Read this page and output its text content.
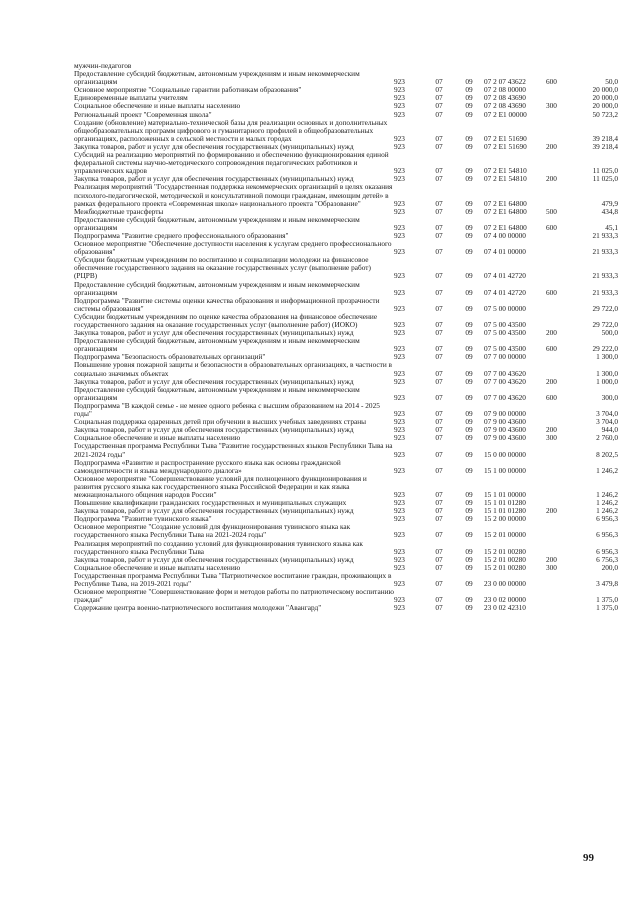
мужчин-педагогов						
Предоставление субсидий бюджетным, автономным учреждениям и иным некоммерческим организациям	923	07	09	07 2 07 43622	600	50,0
Основное мероприятие "Социальные гарантии работникам образования"	923	07	09	07 2 08 00000		20 000,0
Единовременные выплаты учителям	923	07	09	07 2 08 43690		20 000,0
Социальное обеспечение и иные выплаты населению	923	07	09	07 2 08 43690	300	20 000,0
Региональный проект "Современная школа"	923	07	09	07 2 E1 00000		50 723,2
Создание (обновление) материально-технической базы для реализации основных и дополнительных общеобразовательных программ цифрового и гуманитарного профилей в общеобразовательных организациях, расположенных в сельской местности и малых городах	923	07	09	07 2 E1 51690		39 218,4
Закупка товаров, работ и услуг для обеспечения государственных (муниципальных) нужд	923	07	09	07 2 E1 51690	200	39 218,4
Субсидий на реализацию мероприятий по формированию и обеспечению функционирования единой федеральной системы научно-методического сопровождения педагогических работников и управленческих кадров	923	07	09	07 2 E1 54810		11 025,0
Закупка товаров, работ и услуг для обеспечения государственных (муниципальных) нужд	923	07	09	07 2 E1 54810	200	11 025,0
Реализация мероприятий "Государственная поддержка некоммерческих организаций в целях оказания психолого-педагогической, методической и консультативной помощи гражданам, имеющим детей» в рамках федерального проекта «Современная школа» национального проекта "Образование"	923	07	09	07 2 E1 64800		479,9
Межбюджетные трансферты	923	07	09	07 2 E1 64800	500	434,8
Предоставление субсидий бюджетным, автономным учреждениям и иным некоммерческим организациям	923	07	09	07 2 E1 64800	600	45,1
Подпрограмма "Развитие среднего профессионального образования"	923	07	09	07 4 00 00000		21 933,3
Основное мероприятие "Обеспечение доступности населения к услугам среднего профессионального образования"	923	07	09	07 4 01 00000		21 933,3
Субсидии бюджетным учреждениям по воспитанию и социализации молодежи на финансовое обеспечение государственного задания на оказание государственных услуг (выполнение работ) (РЦРВ)	923	07	09	07 4 01 42720		21 933,3
Предоставление субсидий бюджетным, автономным учреждениям и иным некоммерческим организациям	923	07	09	07 4 01 42720	600	21 933,3
Подпрограмма "Развитие системы оценки качества образования и информационной прозрачности системы образования"	923	07	09	07 5 00 00000		29 722,0
Субсидии бюджетным учреждениям по оценке качества образования на финансовое обеспечение государственного задания на оказание государственных услуг (выполнение работ) (ИОКО)	923	07	09	07 5 00 43500		29 722,0
Закупка товаров, работ и услуг для обеспечения государственных (муниципальных) нужд	923	07	09	07 5 00 43500	200	500,0
Предоставление субсидий бюджетным, автономным учреждениям и иным некоммерческим организациям	923	07	09	07 5 00 43500	600	29 222,0
Подпрограмма "Безопасность образовательных организаций"	923	07	09	07 7 00 00000		1 300,0
Повышение уровня пожарной защиты и безопасности в образовательных организациях, в частности в социально значимых объектах	923	07	09	07 7 00 43620		1 300,0
Закупка товаров, работ и услуг для обеспечения государственных (муниципальных) нужд	923	07	09	07 7 00 43620	200	1 000,0
Предоставление субсидий бюджетным, автономным учреждениям и иным некоммерческим организациям	923	07	09	07 7 00 43620	600	300,0
Подпрограмма "В каждой семье - не менее одного ребенка с высшим образованием на 2014 - 2025 годы"	923	07	09	07 9 00 00000		3 704,0
Социальная поддержка одаренных детей при обучении в высших учебных заведениях страны	923	07	09	07 9 00 43600		3 704,0
Закупка товаров, работ и услуг для обеспечения государственных (муниципальных) нужд	923	07	09	07 9 00 43600	200	944,0
Социальное обеспечение и иные выплаты населению	923	07	09	07 9 00 43600	300	2 760,0
Государственная программа Республики Тыва "Развитие государственных языков Республики Тыва на 2021-2024 годы"	923	07	09	15 0 00 00000		8 202,5
Подпрограмма «Развитие и распространение русского языка как основы гражданской самоидентичности и языка международного диалога»	923	07	09	15 1 00 00000		1 246,2
Основное мероприятие "Совершенствование условий для полноценного функционирования и развития русского языка как государственного языка Российской Федерации и как языка межнационального общения народов России"	923	07	09	15 1 01 00000		1 246,2
Повышение квалификации гражданских государственных и муниципальных служащих	923	07	09	15 1 01 01280		1 246,2
Закупка товаров, работ и услуг для обеспечения государственных (муниципальных) нужд	923	07	09	15 1 01 01280	200	1 246,2
Подпрограмма "Развитие тувинского языка"	923	07	09	15 2 00 00000		6 956,3
Основное мероприятие "Создание условий для функционирования тувинского языка как государственного языка Республики Тыва на 2021-2024 годы"	923	07	09	15 2 01 00000		6 956,3
Реализация мероприятий по созданию условий для функционирования тувинского языка как государственного языка Республики Тыва	923	07	09	15 2 01 00280		6 956,3
Закупка товаров, работ и услуг для обеспечения государственных (муниципальных) нужд	923	07	09	15 2 01 00280	200	6 756,3
Социальное обеспечение и иные выплаты населению	923	07	09	15 2 01 00280	300	200,0
Государственная программа Республики Тыва "Патриотическое воспитание граждан, проживающих в Республике Тыва, на 2019-2021 годы"	923	07	09	23 0 00 00000		3 479,8
Основное мероприятие "Совершенствование форм и методов работы по патриотическому воспитанию граждан"	923	07	09	23 0 02 00000		1 375,0
Содержание центра военно-патриотического воспитания молодежи "Авангард"	923	07	09	23 0 02 42310		1 375,0
99
